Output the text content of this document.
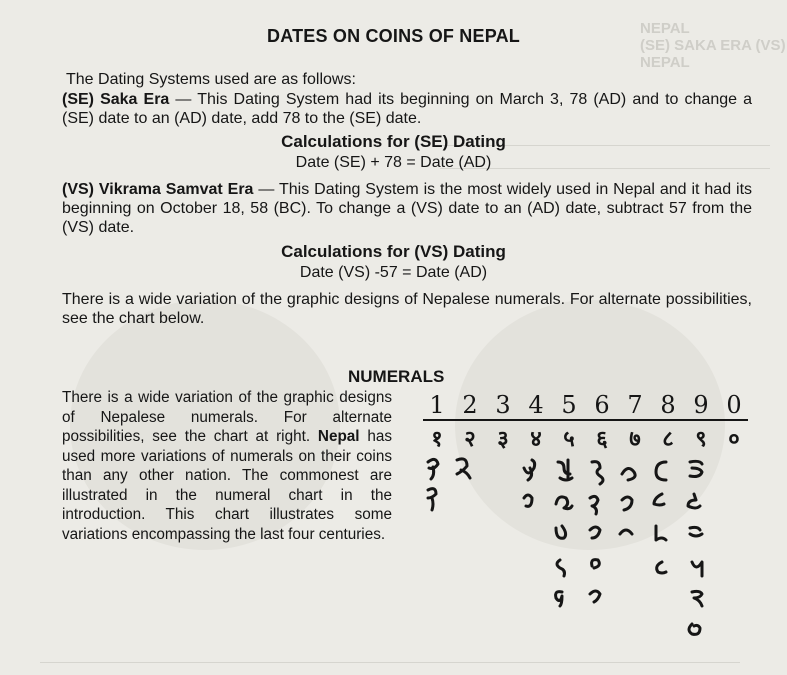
NEPAL
(SE) SAKA ERA (VS)
NEPAL
DATES ON COINS OF NEPAL

The Dating Systems used are as follows:

(SE) Saka Era — This Dating System had its beginning on March 3, 78 (AD) and to change a (SE) date to an (AD) date, add 78 to the (SE) date.

Calculations for (SE) Dating
Date (SE) + 78 = Date (AD)

(VS) Vikrama Samvat Era — This Dating System is the most widely used in Nepal and it had its beginning on October 18, 58 (BC). To change a (VS) date to an (AD) date, subtract 57 from the (VS) date.

Calculations for (VS) Dating
Date (VS) -57 = Date (AD)

There is a wide variation of the graphic designs of Nepalese numerals. For alternate possibilities, see the chart below.

NUMERALS

There is a wide variation of the graphic designs of Nepalese numerals. For alternate possibilities, see the chart at right. Nepal has used more variations of numerals on their coins than any other nation. The commonest are illustrated in the numeral chart in the introduction. This chart illustrates some variations encompassing the last four centuries.

1 2 3 4 5 6 7 8 9 0
१ २ ३ ४ ५ ६ ७ ८ ९ ०
